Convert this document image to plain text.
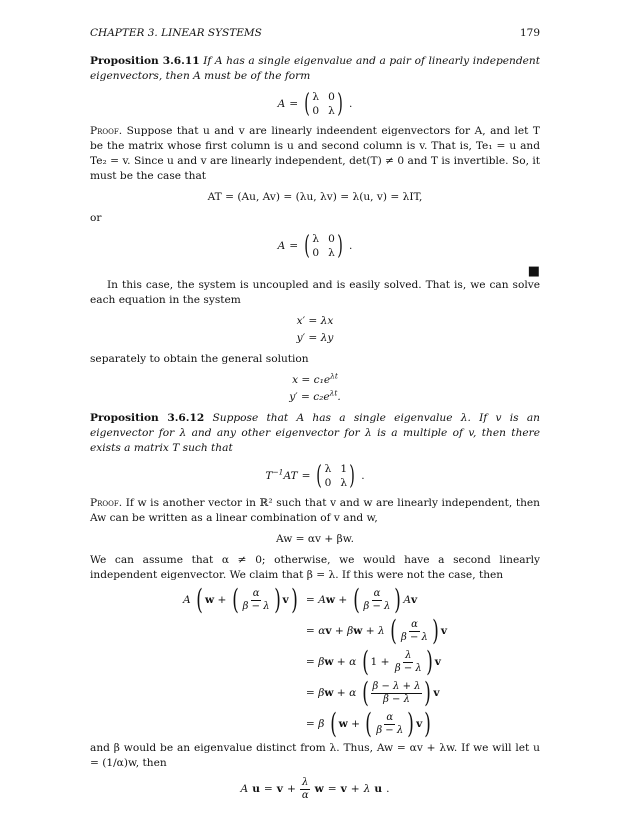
CHAPTER 3. LINEAR SYSTEMS	179

Proposition 3.6.11 If A has a single eigenvalue and a pair of linearly independent eigenvectors, then A must be of the form

A = ( λ 0
0 λ ) .

Proof. Suppose that u and v are linearly indeendent eigenvectors for A, and let T be the matrix whose first column is u and second column is v. That is, Te₁ = u and Te₂ = v. Since u and v are linearly independent, det(T) ≠ 0 and T is invertible. So, it must be the case that

AT = (Au, Av) = (λu, λv) = λ(u, v) = λIT,

or

A = ( λ 0
0 λ ) .
■

In this case, the system is uncoupled and is easily solved. That is, we can solve each equation in the system

x′ = λx
y′ = λy

separately to obtain the general solution

$x = c_1e^{\lambda t}$
$y' = c_2e^{\lambda t}$.

Proposition 3.6.12 Suppose that A has a single eigenvalue λ. If v is an eigenvector for λ and any other eigenvector for λ is a multiple of v, then there exists a matrix T such that

$T^{-1}AT$ = ( λ 1
0 λ ) .

Proof. If w is another vector in ℝ² such that v and w are linearly independent, then Aw can be written as a linear combination of v and w,

Aw = αv + βw.

We can assume that α ≠ 0; otherwise, we would have a second linearly independent eigenvector. We claim that β = λ. If this were not the case, then

A
( w + ( $\frac{\alpha}{\beta - \lambda}$ ) v ) = A w + ( $\frac{\alpha}{\beta - \lambda}$ ) A v
= α v + β w + λ
( $\frac{\alpha}{\beta - \lambda}$ ) v
= β w + α
( $1 + \frac{\lambda}{\beta - \lambda}$ ) v
= β w + α
( $\frac{\beta - \lambda + \lambda}{\beta - \lambda}$ ) v
= β
( w + ( $\frac{\alpha}{\beta - \lambda}$ ) v )

and β would be an eigenvalue distinct from λ. Thus, Aw = αv + λw. If we will let u = (1/α)w, then

A $u = v + \frac{\lambda}{\alpha}$ w = v + λ u .
